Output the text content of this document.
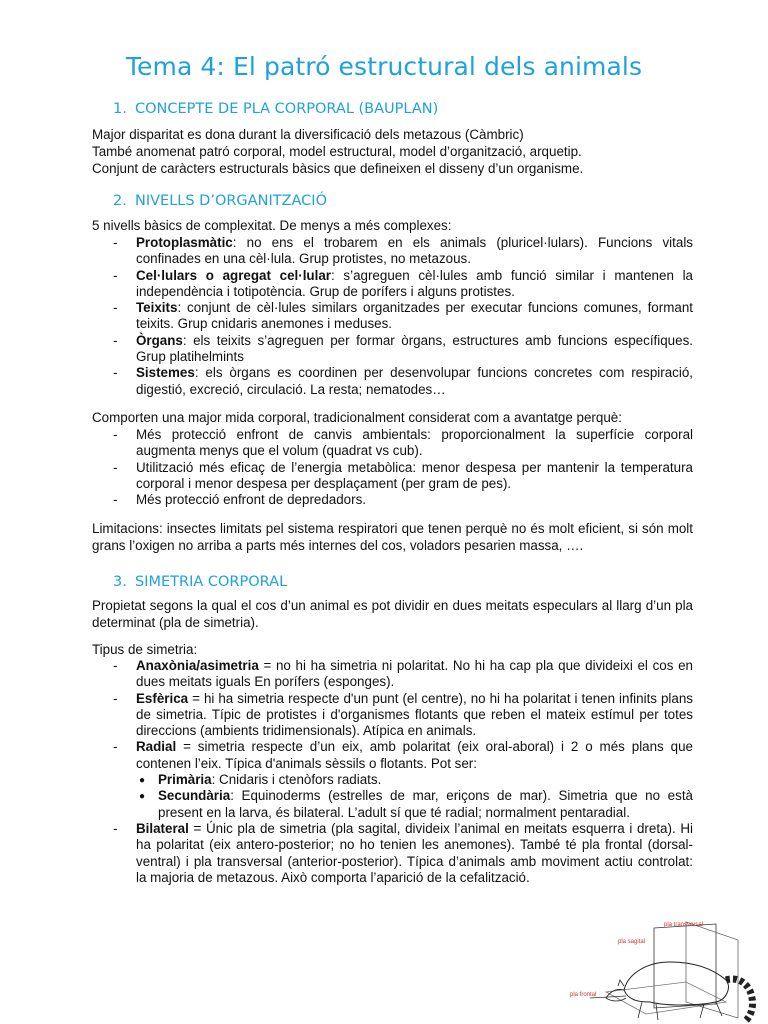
Tema 4: El patró estructural dels animals
1. CONCEPTE DE PLA CORPORAL (BAUPLAN)
Major disparitat es dona durant la diversificació dels metazous (Càmbric)
També anomenat patró corporal, model estructural, model d’organització, arquetip.
Conjunt de caràcters estructurals bàsics que defineixen el disseny d’un organisme.
2. NIVELLS D’ORGANITZACIÓ
5 nivells bàsics de complexitat. De menys a més complexes:
- Protoplasmàtic: no ens el trobarem en els animals (pluricel·lulars). Funcions vitals confinades en una cèl·lula. Grup protistes, no metazous.
- Cel·lulars o agregat cel·lular: s’agreguen cèl·lules amb funció similar i mantenen la independència i totipotència. Grup de porífers i alguns protistes.
- Teixits: conjunt de cèl·lules similars organitzades per executar funcions comunes, formant teixits. Grup cnidaris anemones i meduses.
- Òrgans: els teixits s’agreguen per formar òrgans, estructures amb funcions específiques. Grup platihelmints
- Sistemes: els òrgans es coordinen per desenvolupar funcions concretes com respiració, digestió, excreció, circulació. La resta; nematodes…
Comporten una major mida corporal, tradicionalment considerat com a avantatge perquè:
- Més protecció enfront de canvis ambientals: proporcionalment la superfície corporal augmenta menys que el volum (quadrat vs cub).
- Utilització més eficaç de l’energia metabòlica: menor despesa per mantenir la temperatura corporal i menor despesa per desplaçament (per gram de pes).
- Més protecció enfront de depredadors.
Limitacions: insectes limitats pel sistema respiratori que tenen perquè no és molt eficient, si són molt grans l’oxigen no arriba a parts més internes del cos, voladors pesarien massa, ….
3. SIMETRIA CORPORAL
Propietat segons la qual el cos d’un animal es pot dividir en dues meitats especulars al llarg d’un pla determinat (pla de simetria).
Tipus de simetria:
- Anaxònia/asimetria = no hi ha simetria ni polaritat. No hi ha cap pla que divideixi el cos en dues meitats iguals En porífers (esponges).
- Esfèrica = hi ha simetria respecte d'un punt (el centre), no hi ha polaritat i tenen infinits plans de simetria. Típic de protistes i d'organismes flotants que reben el mateix estímul per totes direccions (ambients tridimensionals). Atípica en animals.
- Radial = simetria respecte d’un eix, amb polaritat (eix oral-aboral) i 2 o més plans que contenen l’eix. Típica d'animals sèssils o flotants. Pot ser:
● Primària: Cnidaris i ctenòfors radiats.
● Secundària: Equinoderms (estrelles de mar, eriçons de mar). Simetria que no està present en la larva, és bilateral. L’adult sí que té radial; normalment pentaradial.
- Bilateral = Únic pla de simetria (pla sagital, divideix l’animal en meitats esquerra i dreta). Hi ha polaritat (eix antero-posterior; no ho tenien les anemones). També té pla frontal (dorsal-ventral) i pla transversal (anterior-posterior). Típica d’animals amb moviment actiu controlat: la majoria de metazous. Això comporta l’aparició de la cefalització.
pla transversal
pla sagital
pla frontal
